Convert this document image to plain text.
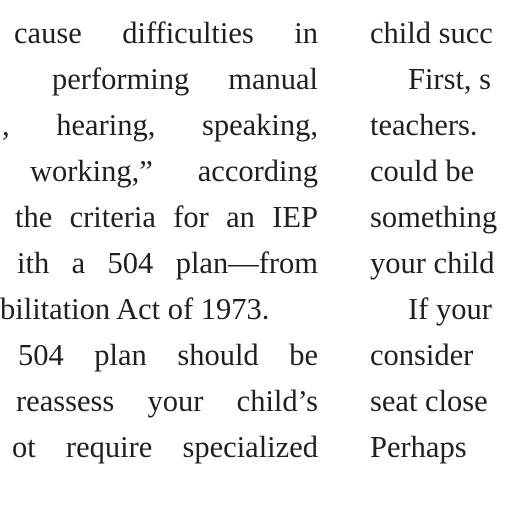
cause difficulties in
performing manual
, hearing, speaking,
working,” according
the criteria for an IEP
ith a 504 plan—from
bilitation Act of 1973.
504 plan should be
reassess your child’s
ot require specialized
child succ
First, s
teachers.
could be
something
your child
If your
consider
seat close
Perhaps
